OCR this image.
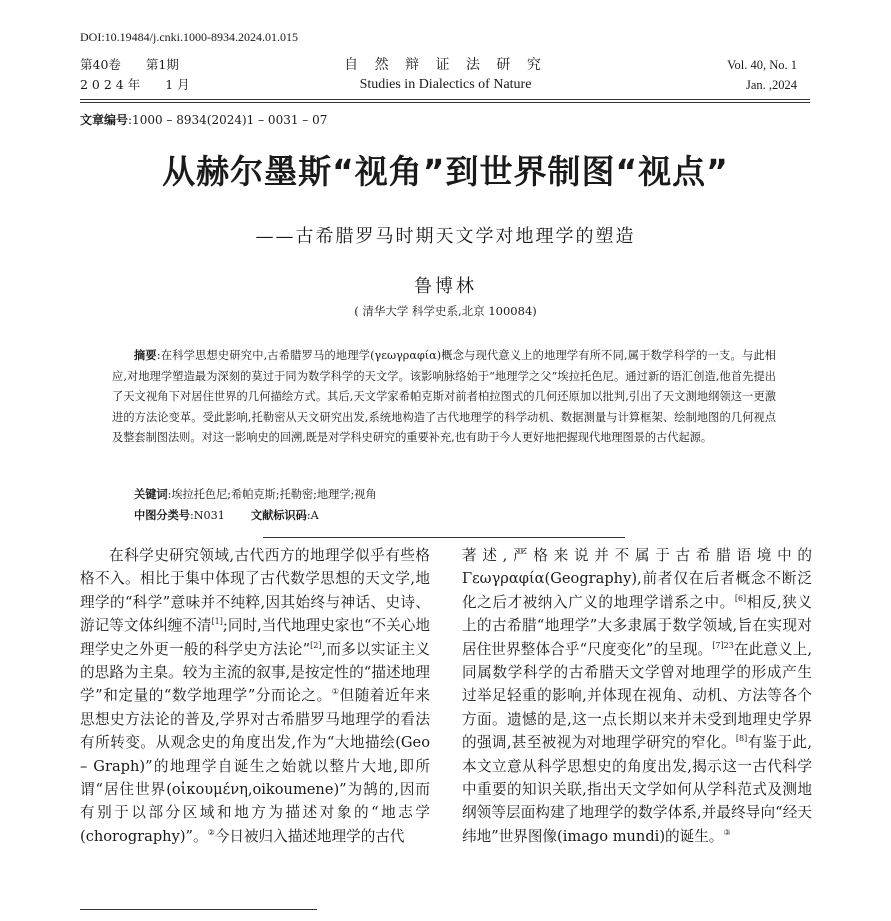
DOI:10.19484/j.cnki.1000-8934.2024.01.015
第40卷　　第1期
2 0 2 4 年　　1 月
自 然 辩 证 法 研 究
Studies in Dialectics of Nature
Vol. 40, No. 1
Jan. ,2024
文章编号:1000 – 8934(2024)1 – 0031 – 07
从赫尔墨斯“视角”到世界制图“视点”
——古希腊罗马时期天文学对地理学的塑造
鲁博林
( 清华大学 科学史系,北京 100084)

摘要:在科学思想史研究中,古希腊罗马的地理学(γεωγραφία)概念与现代意义上的地理学有所不同,属于数学科学的一支。与此相应,对地理学塑造最为深刻的莫过于同为数学科学的天文学。该影响脉络始于“地理学之父”埃拉托色尼。通过新的语汇创造,他首先提出了天文视角下对居住世界的几何描绘方式。其后,天文学家希帕克斯对前者柏拉图式的几何还原加以批判,引出了天文测地纲领这一更激进的方法论变革。受此影响,托勒密从天文研究出发,系统地构造了古代地理学的科学动机、数据测量与计算框架、绘制地图的几何视点及整套制图法则。对这一影响史的回溯,既是对学科史研究的重要补充,也有助于今人更好地把握现代地理图景的古代起源。

关键词:埃拉托色尼;希帕克斯;托勒密;地理学;视角
中图分类号:N031 文献标识码:A

在科学史研究领域,古代西方的地理学似乎有些格格不入。相比于集中体现了古代数学思想的天文学,地理学的“科学”意味并不纯粹,因其始终与神话、史诗、游记等文体纠缠不清[1];同时,当代地理史家也“不关心地理学史之外更一般的科学史方法论”[2],而多以实证主义的思路为主臬。较为主流的叙事,是按定性的“描述地理学”和定量的“数学地理学”分而论之。①但随着近年来思想史方法论的普及,学界对古希腊罗马地理学的看法有所转变。从观念史的角度出发,作为“大地描绘(Geo – Graph)”的地理学自诞生之始就以整片大地,即所谓“居住世界(οἰκουμένη,oikoumene)”为鹄的,因而有别于以部分区域和地方为描述对象的“地志学(chorography)”。②今日被归入描述地理学的古代

著述,严格来说并不属于古希腊语境中的Γεωγραφία(Geography),前者仅在后者概念不断泛化之后才被纳入广义的地理学谱系之中。[6]相反,狭义上的古希腊“地理学”大多隶属于数学领域,旨在实现对居住世界整体合乎“尺度变化”的呈现。$^{[7]23}$在此意义上,同属数学科学的古希腊天文学曾对地理学的形成产生过举足轻重的影响,并体现在视角、动机、方法等各个方面。遗憾的是,这一点长期以来并未受到地理史学界的强调,甚至被视为对地理学研究的窄化。[8]有鉴于此,本文立意从科学思想史的角度出发,揭示这一古代科学中重要的知识关联,指出天文学如何从学科范式及测地纲领等层面构建了地理学的数学体系,并最终导向“经天纬地”世界图像(imago mundi)的诞生。③
